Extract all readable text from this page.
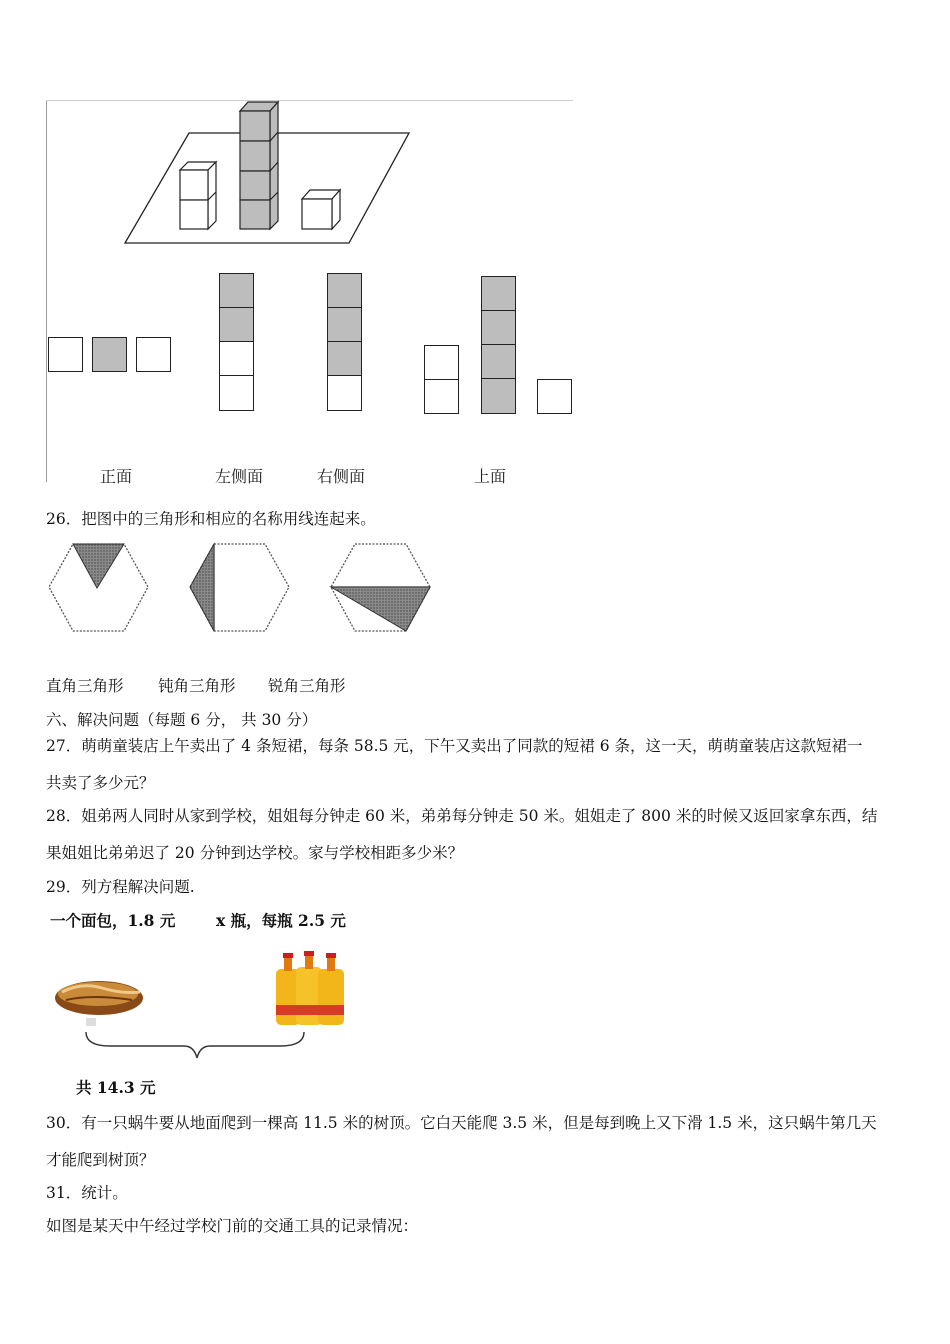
正面	左侧面	右侧面	上面
26．把图中的三角形和相应的名称用线连起来。
直角三角形 钝角三角形 锐角三角形
六、解决问题（每题 6 分， 共 30 分）
27．萌萌童装店上午卖出了 4 条短裙，每条 58.5 元，下午又卖出了同款的短裙 6 条，这一天，萌萌童装店这款短裙一
共卖了多少元？
28．姐弟两人同时从家到学校，姐姐每分钟走 60 米，弟弟每分钟走 50 米。姐姐走了 800 米的时候又返回家拿东西，结
果姐姐比弟弟迟了 20 分钟到达学校。家与学校相距多少米？
29．列方程解决问题.
一个面包，1.8 元	x 瓶，每瓶 2.5 元
共 14.3 元
30．有一只蜗牛要从地面爬到一棵高 11.5 米的树顶。它白天能爬 3.5 米，但是每到晚上又下滑 1.5 米，这只蜗牛第几天
才能爬到树顶？
31．统计。
如图是某天中午经过学校门前的交通工具的记录情况：
